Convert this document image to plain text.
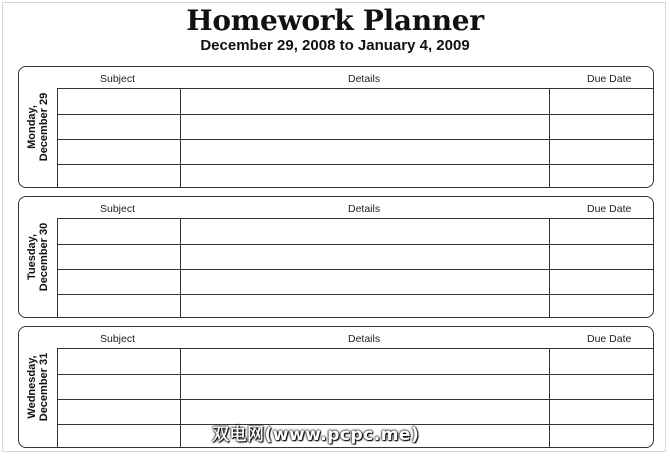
Homework Planner
December 29, 2008 to January 4, 2009
Monday, December 29
Subject	Details	Due Date
Tuesday, December 30
Subject	Details	Due Date
Wednesday, December 31
Subject	Details	Due Date
双电网(www.pcpc.me)
